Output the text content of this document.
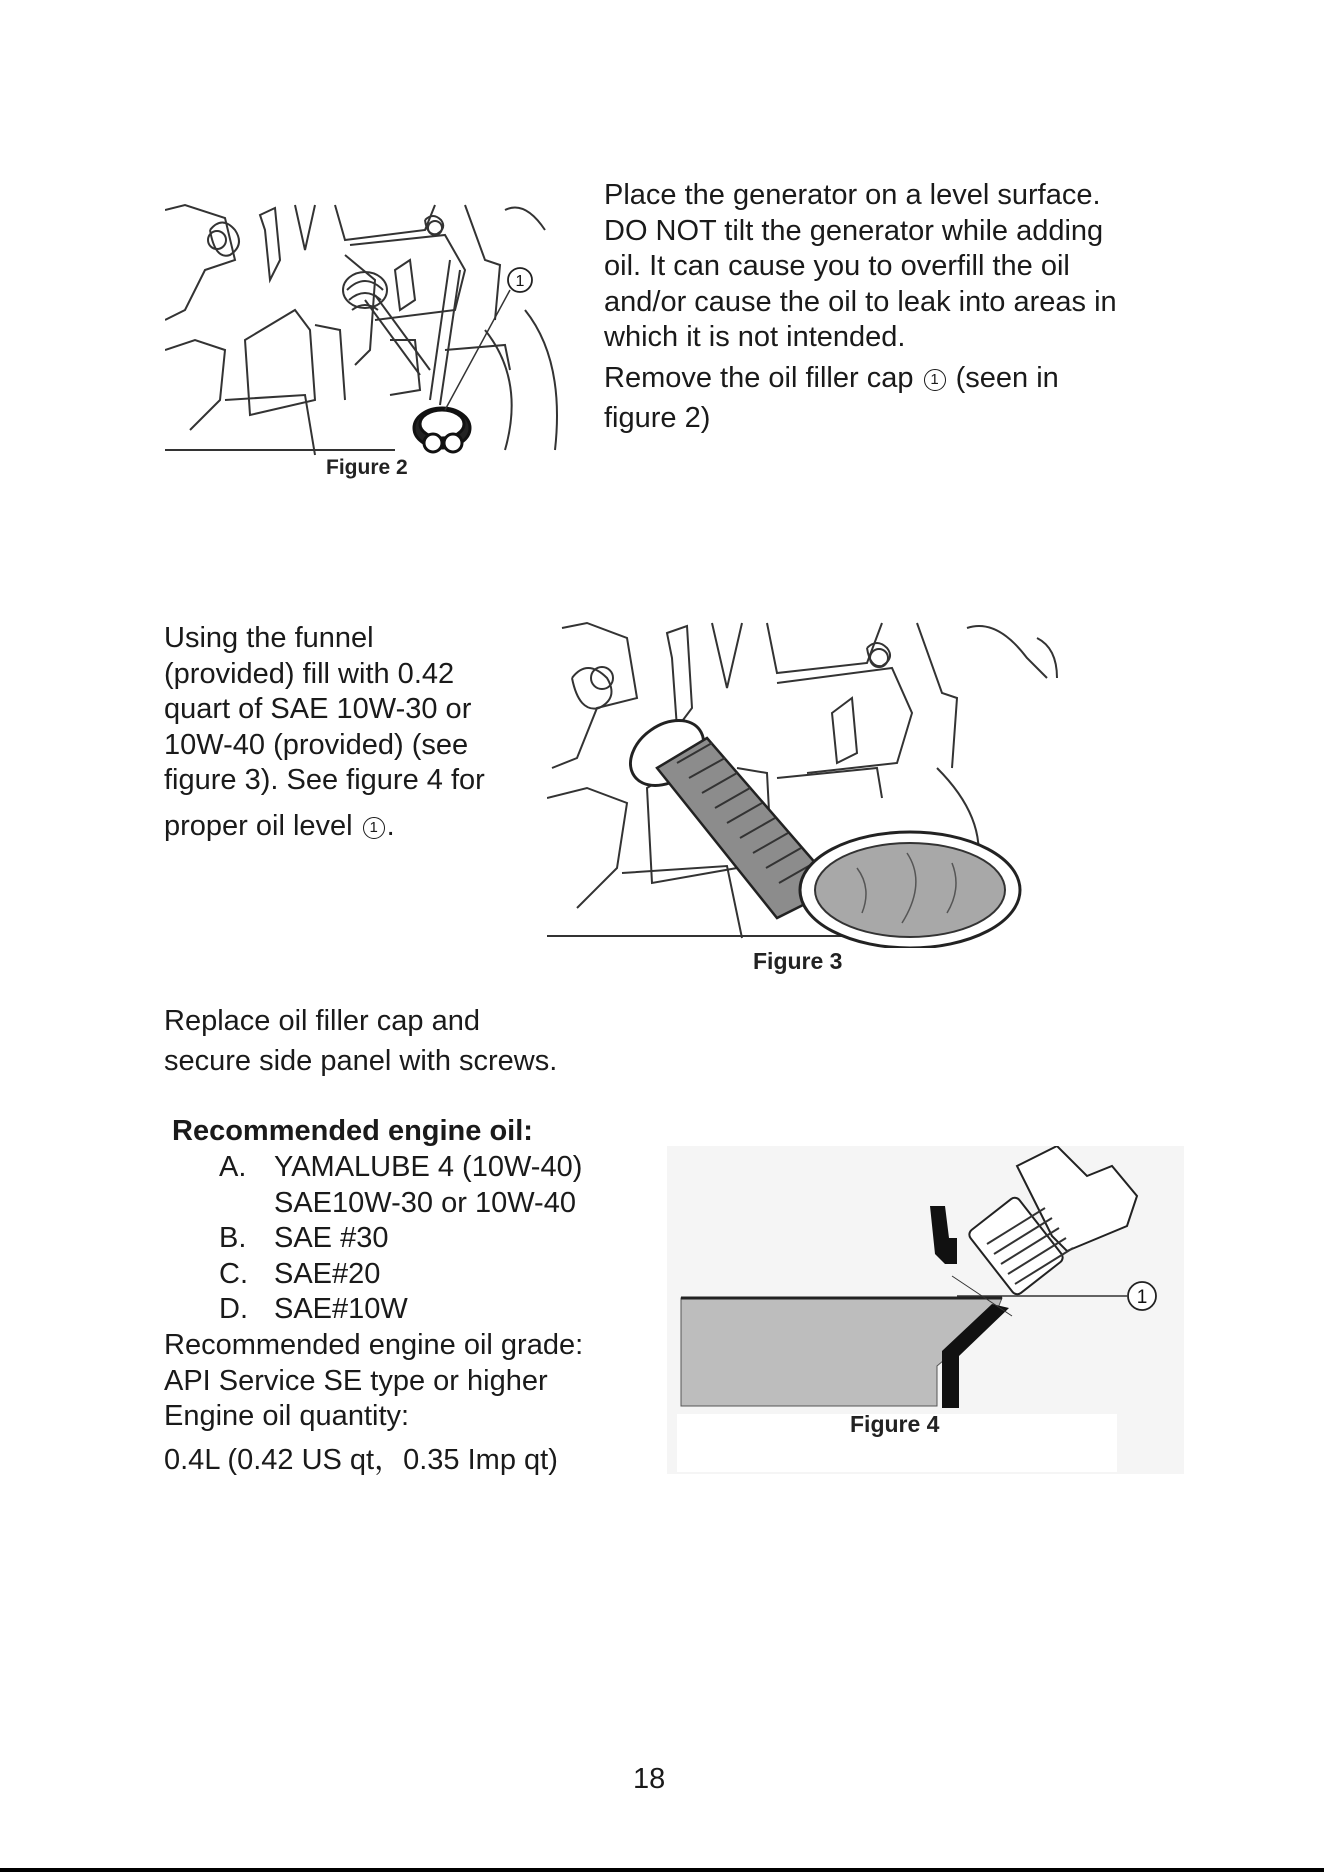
1
Figure 2
Place the generator on a level surface.
DO NOT tilt the generator while adding
oil. It can cause you to overfill the oil
and/or cause the oil to leak into areas in
which it is not intended.
Remove the oil filler cap 1 (seen in
figure 2)
Using the funnel
(provided) fill with 0.42
quart of SAE 10W-30 or
10W-40 (provided) (see
figure 3). See figure 4 for
proper oil level 1 .
Figure 3
Replace oil filler cap and
secure side panel with screws.
Recommended engine oil:
A. YAMALUBE 4 (10W-40)
SAE10W-30 or 10W-40
B. SAE #30
C. SAE#20
D. SAE#10W
Recommended engine oil grade:
API Service SE type or higher
Engine oil quantity:
0.4L (0.42 US qt，0.35 Imp qt)
1
Figure 4
18
